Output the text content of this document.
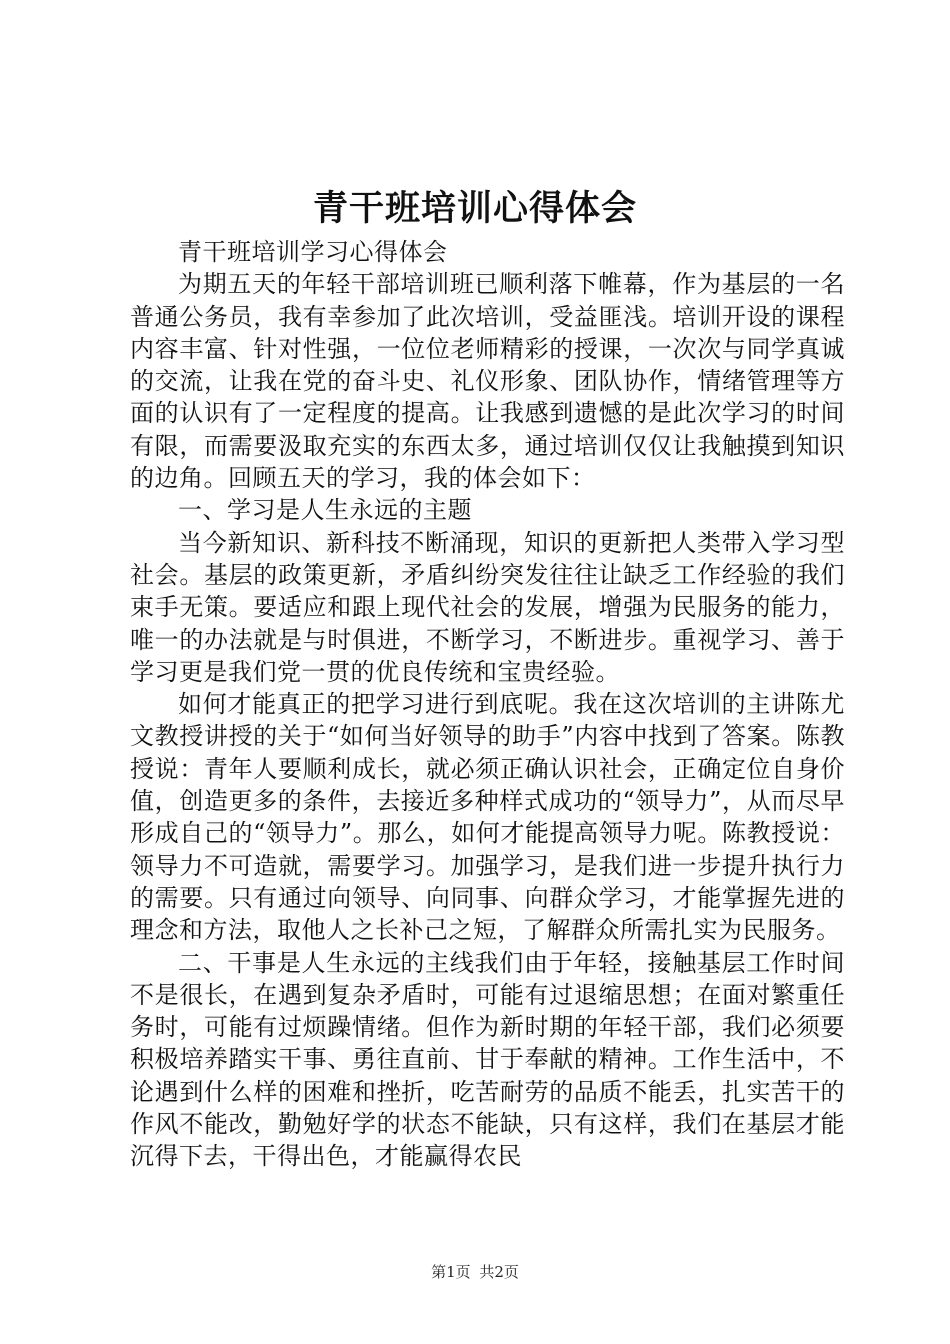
青干班培训心得体会

青干班培训学习心得体会

为期五天的年轻干部培训班已顺利落下帷幕，作为基层的一名普通公务员，我有幸参加了此次培训，受益匪浅。培训开设的课程内容丰富、针对性强，一位位老师精彩的授课，一次次与同学真诚的交流，让我在党的奋斗史、礼仪形象、团队协作，情绪管理等方面的认识有了一定程度的提高。让我感到遗憾的是此次学习的时间有限，而需要汲取充实的东西太多，通过培训仅仅让我触摸到知识的边角。回顾五天的学习，我的体会如下：

一、学习是人生永远的主题

当今新知识、新科技不断涌现，知识的更新把人类带入学习型社会。基层的政策更新，矛盾纠纷突发往往让缺乏工作经验的我们束手无策。要适应和跟上现代社会的发展，增强为民服务的能力，唯一的办法就是与时俱进，不断学习，不断进步。重视学习、善于学习更是我们党一贯的优良传统和宝贵经验。

如何才能真正的把学习进行到底呢。我在这次培训的主讲陈尤文教授讲授的关于“如何当好领导的助手”内容中找到了答案。陈教授说：青年人要顺利成长，就必须正确认识社会，正确定位自身价值，创造更多的条件，去接近多种样式成功的“领导力”，从而尽早形成自己的“领导力”。那么，如何才能提高领导力呢。陈教授说：领导力不可造就，需要学习。加强学习，是我们进一步提升执行力的需要。只有通过向领导、向同事、向群众学习，才能掌握先进的理念和方法，取他人之长补己之短，了解群众所需扎实为民服务。

二、干事是人生永远的主线我们由于年轻，接触基层工作时间不是很长，在遇到复杂矛盾时，可能有过退缩思想；在面对繁重任务时，可能有过烦躁情绪。但作为新时期的年轻干部，我们必须要积极培养踏实干事、勇往直前、甘于奉献的精神。工作生活中，不论遇到什么样的困难和挫折，吃苦耐劳的品质不能丢，扎实苦干的作风不能改，勤勉好学的状态不能缺，只有这样，我们在基层才能沉得下去，干得出色，才能赢得农民

第1页 共2页
